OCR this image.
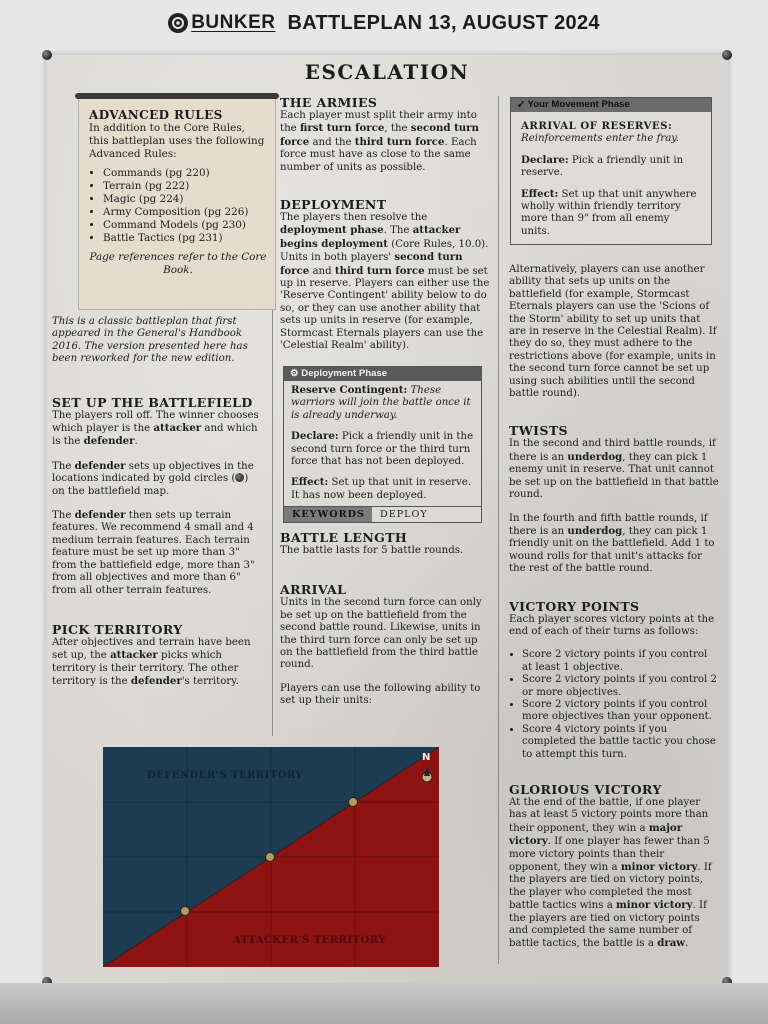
BUNKER BATTLEPLAN 13, AUGUST 2024
ESCALATION
ADVANCED RULES
In addition to the Core Rules, this battleplan uses the following Advanced Rules:
• Commands (pg 220)
• Terrain (pg 222)
• Magic (pg 224)
• Army Composition (pg 226)
• Command Models (pg 230)
• Battle Tactics (pg 231)
Page references refer to the Core Book.

This is a classic battleplan that first appeared in the General's Handbook 2016. The version presented here has been reworked for the new edition.

SET UP THE BATTLEFIELD

The players roll off. The winner chooses which player is the attacker and which is the defender.

The defender sets up objectives in the locations indicated by gold circles ( ) on the battlefield map.

The defender then sets up terrain features. We recommend 4 small and 4 medium terrain features. Each terrain feature must be set up more than 3" from the battlefield edge, more than 3" from all objectives and more than 6" from all other terrain features.

PICK TERRITORY

After objectives and terrain have been set up, the attacker picks which territory is their territory. The other territory is the defender's territory.

THE ARMIES

Each player must split their army into the first turn force, the second turn force and the third turn force. Each force must have as close to the same number of units as possible.

DEPLOYMENT

The players then resolve the deployment phase. The attacker begins deployment (Core Rules, 10.0). Units in both players' second turn force and third turn force must be set up in reserve. Players can either use the 'Reserve Contingent' ability below to do so, or they can use another ability that sets up units in reserve (for example, Stormcast Eternals players can use the 'Celestial Realm' ability).

⚙ Deployment Phase

Reserve Contingent: These warriors will join the battle once it is already underway.

Declare: Pick a friendly unit in the second turn force or the third turn force that has not been deployed.

Effect: Set up that unit in reserve. It has now been deployed.

KEYWORDS	DEPLOY
BATTLE LENGTH

The battle lasts for 5 battle rounds.

ARRIVAL

Units in the second turn force can only be set up on the battlefield from the second battle round. Likewise, units in the third turn force can only be set up on the battlefield from the third battle round.

Players can use the following ability to set up their units:

➹ Your Movement Phase

ARRIVAL OF RESERVES:
Reinforcements enter the fray.

Declare: Pick a friendly unit in reserve.

Effect: Set up that unit anywhere wholly within friendly territory more than 9" from all enemy units.

Alternatively, players can use another ability that sets up units on the battlefield (for example, Stormcast Eternals players can use the 'Scions of the Storm' ability to set up units that are in reserve in the Celestial Realm). If they do so, they must adhere to the restrictions above (for example, units in the second turn force cannot be set up using such abilities until the second battle round).

TWISTS

In the second and third battle rounds, if there is an underdog, they can pick 1 enemy unit in reserve. That unit cannot be set up on the battlefield in that battle round.

In the fourth and fifth battle rounds, if there is an underdog, they can pick 1 friendly unit on the battlefield. Add 1 to wound rolls for that unit's attacks for the rest of the battle round.

VICTORY POINTS

Each player scores victory points at the end of each of their turns as follows:

• Score 2 victory points if you control at least 1 objective.
• Score 2 victory points if you control 2 or more objectives.
• Score 2 victory points if you control more objectives than your opponent.
• Score 4 victory points if you completed the battle tactic you chose to attempt this turn.
GLORIOUS VICTORY

At the end of the battle, if one player has at least 5 victory points more than their opponent, they win a major victory. If one player has fewer than 5 more victory points than their opponent, they win a minor victory. If the players are tied on victory points, the player who completed the most battle tactics wins a minor victory. If the players are tied on victory points and completed the same number of battle tactics, the battle is a draw.

DEFENDER'S TERRITORY
ATTACKER'S TERRITORY
N
